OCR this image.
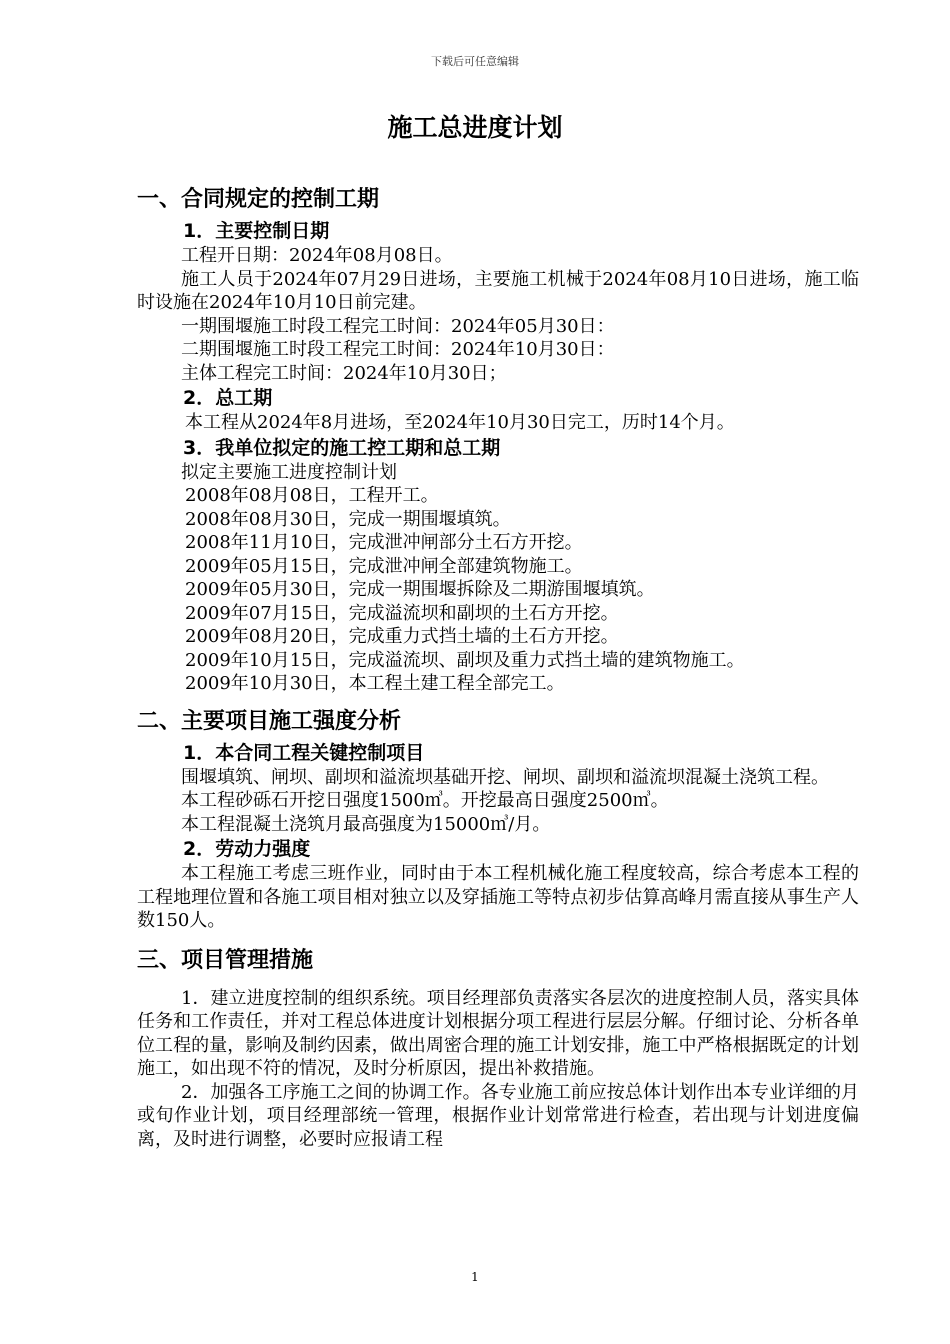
下载后可任意编辑
施工总进度计划
一、合同规定的控制工期
1．主要控制日期

工程开日期：2024年08月08日。

施工人员于2024年07月29日进场，主要施工机械于2024年08月10日进场，施工临时设施在2024年10月10日前完建。

一期围堰施工时段工程完工时间：2024年05月30日：

二期围堰施工时段工程完工时间：2024年10月30日：

主体工程完工时间：2024年10月30日；

2．总工期

本工程从2024年8月进场，至2024年10月30日完工，历时14个月。

3．我单位拟定的施工控工期和总工期

拟定主要施工进度控制计划

2008年08月08日，工程开工。

2008年08月30日，完成一期围堰填筑。

2008年11月10日，完成泄冲闸部分土石方开挖。

2009年05月15日，完成泄冲闸全部建筑物施工。

2009年05月30日，完成一期围堰拆除及二期游围堰填筑。

2009年07月15日，完成溢流坝和副坝的土石方开挖。

2009年08月20日，完成重力式挡土墙的土石方开挖。

2009年10月15日，完成溢流坝、副坝及重力式挡土墙的建筑物施工。

2009年10月30日，本工程土建工程全部完工。

二、主要项目施工强度分析
1．本合同工程关键控制项目

围堰填筑、闸坝、副坝和溢流坝基础开挖、闸坝、副坝和溢流坝混凝土浇筑工程。

本工程砂砾石开挖日强度1500㎥。开挖最高日强度2500㎥。

本工程混凝土浇筑月最高强度为15000㎥/月。

2．劳动力强度

本工程施工考虑三班作业，同时由于本工程机械化施工程度较高，综合考虑本工程的工程地理位置和各施工项目相对独立以及穿插施工等特点初步估算高峰月需直接从事生产人数150人。

三、项目管理措施

1．建立进度控制的组织系统。项目经理部负责落实各层次的进度控制人员，落实具体任务和工作责任，并对工程总体进度计划根据分项工程进行层层分解。仔细讨论、分析各单位工程的量，影响及制约因素，做出周密合理的施工计划安排，施工中严格根据既定的计划施工，如出现不符的情况，及时分析原因，提出补救措施。

2．加强各工序施工之间的协调工作。各专业施工前应按总体计划作出本专业详细的月或旬作业计划，项目经理部统一管理，根据作业计划常常进行检查，若出现与计划进度偏离，及时进行调整，必要时应报请工程

1
